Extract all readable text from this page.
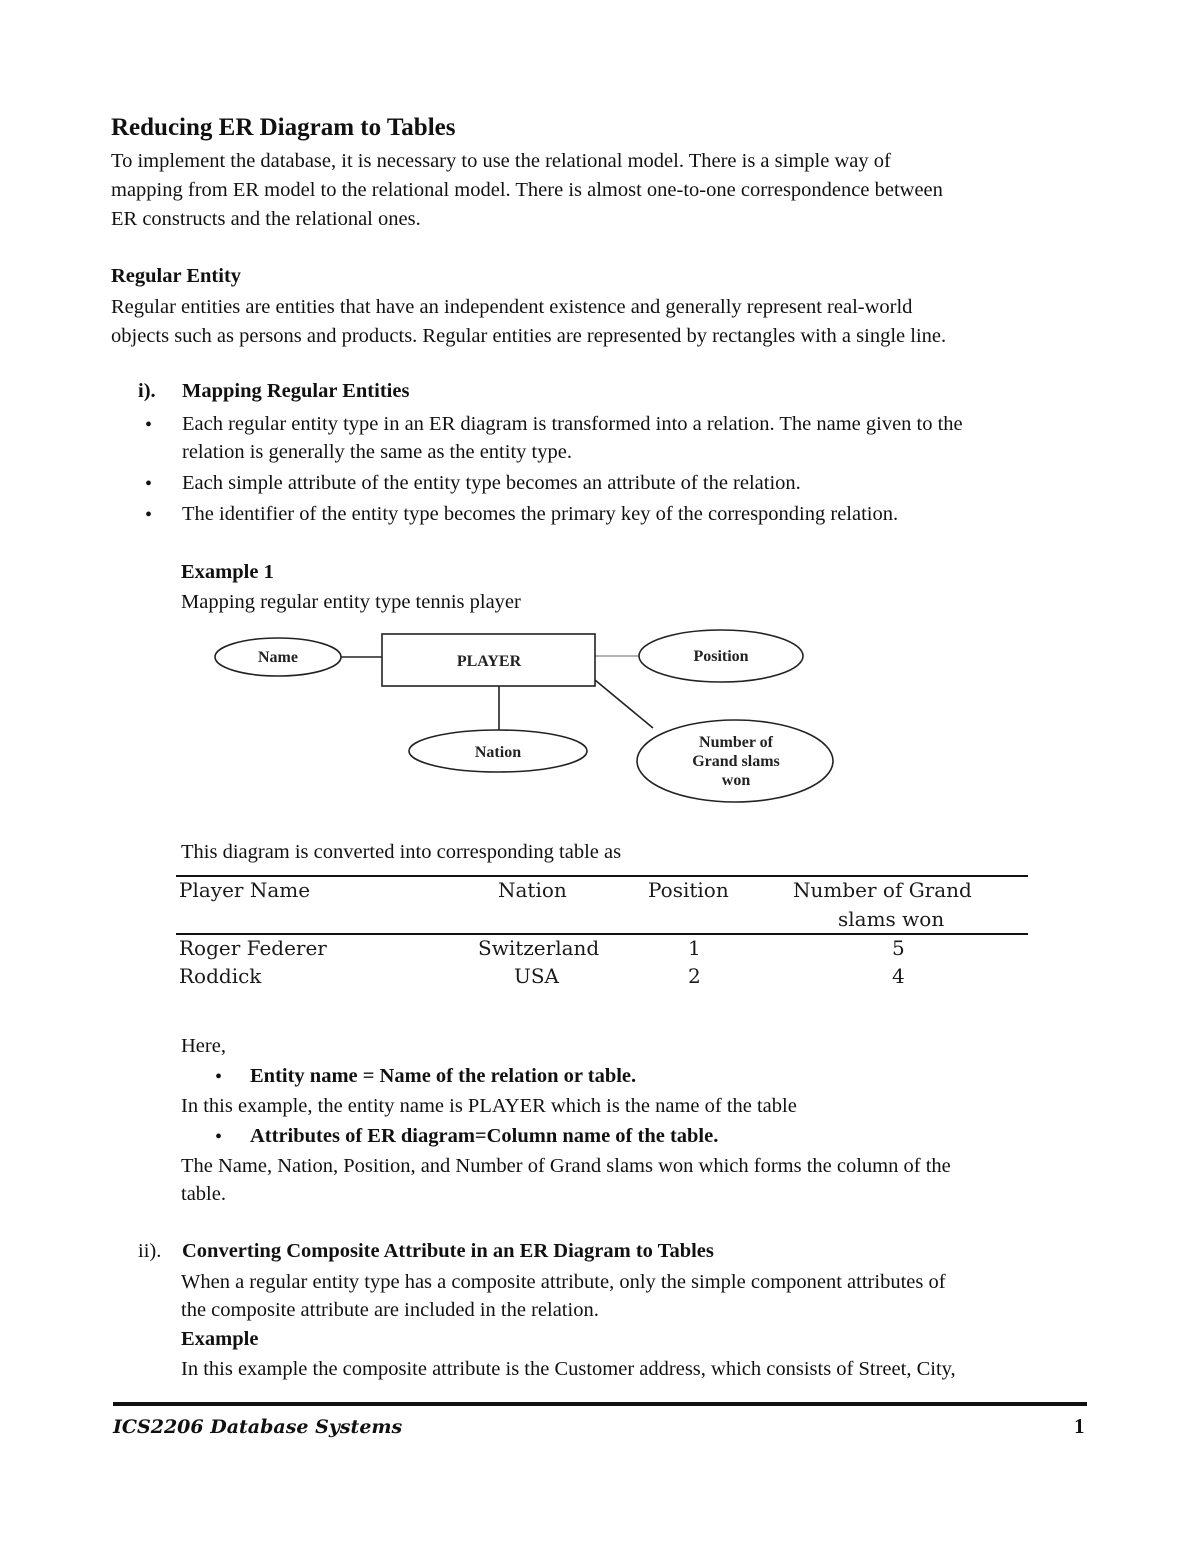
Reducing ER Diagram to Tables
To implement the database, it is necessary to use the relational model. There is a simple way of
mapping from ER model to the relational model. There is almost one-to-one correspondence between
ER constructs and the relational ones.
Regular Entity
Regular entities are entities that have an independent existence and generally represent real-world
objects such as persons and products. Regular entities are represented by rectangles with a single line.
i). Mapping Regular Entities
• Each regular entity type in an ER diagram is transformed into a relation. The name given to the
relation is generally the same as the entity type.
• Each simple attribute of the entity type becomes an attribute of the relation.
• The identifier of the entity type becomes the primary key of the corresponding relation.
Example 1
Mapping regular entity type tennis player
Name	PLAYER	Position
Nation
Number of
Grand slams
won
This diagram is converted into corresponding table as
Player Name	Nation	Position	Number of Grand
slams won
Roger Federer	Switzerland	1	5
Roddick	USA	2	4
Here,
• Entity name = Name of the relation or table.
In this example, the entity name is PLAYER which is the name of the table
• Attributes of ER diagram=Column name of the table.
The Name, Nation, Position, and Number of Grand slams won which forms the column of the
table.
ii). Converting Composite Attribute in an ER Diagram to Tables
When a regular entity type has a composite attribute, only the simple component attributes of
the composite attribute are included in the relation.
Example
In this example the composite attribute is the Customer address, which consists of Street, City,
ICS2206 Database Systems	1
